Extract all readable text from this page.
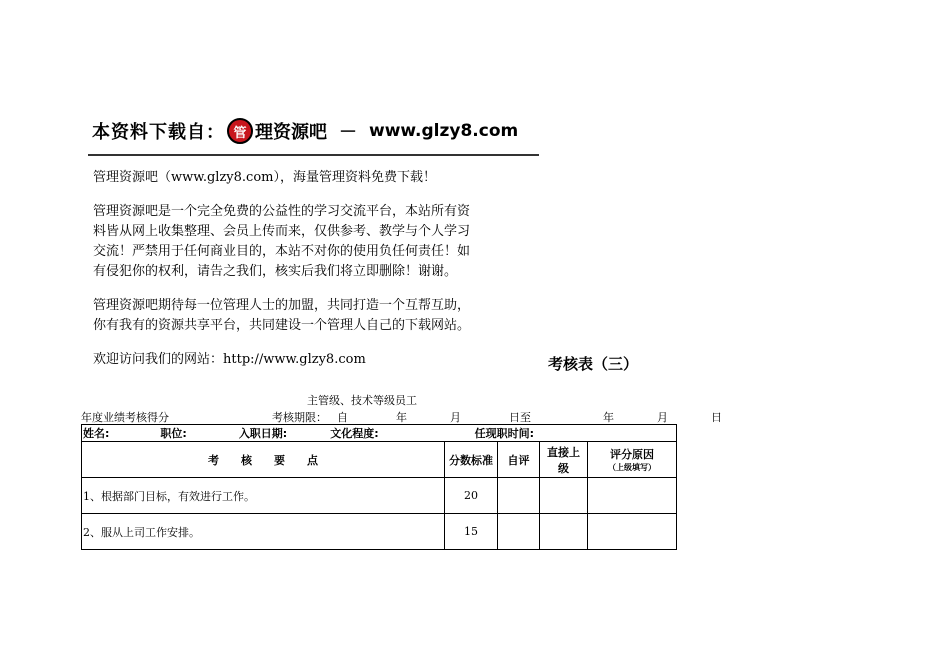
本资料下载自： 管 理资源吧 － www.glzy8.com

管理资源吧（www.glzy8.com），海量管理资料免费下载！

管理资源吧是一个完全免费的公益性的学习交流平台，本站所有资

料皆从网上收集整理、会员上传而来，仅供参考、教学与个人学习

交流！严禁用于任何商业目的，本站不对你的使用负任何责任！如

有侵犯你的权利，请告之我们，核实后我们将立即删除！谢谢。

管理资源吧期待每一位管理人士的加盟，共同打造一个互帮互助，

你有我有的资源共享平台，共同建设一个管理人自己的下载网站。

欢迎访问我们的网站：http://www.glzy8.com	考核表（三）
主管级、技术等级员工
年度业绩考核得分	考核期限： 自	年	月	日至	年	月	日
姓名: 职位: 入职日期: 文化程度: 任现职时间:				

考　　核　　要　　点	分数标准	自评	直接上
级	评分原因
（上级填写）

1、根据部门目标，有效进行工作。	20			
2、服从上司工作安排。	15			
